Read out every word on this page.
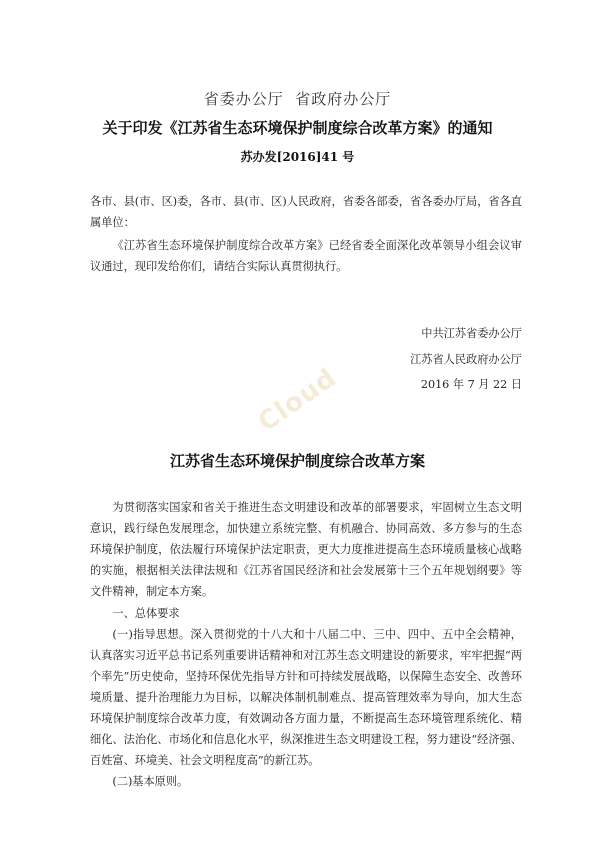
省委办公厅  省政府办公厅
关于印发《江苏省生态环境保护制度综合改革方案》的通知
苏办发[2016]41 号

各市、县(市、区)委，各市、县(市、区)人民政府，省委各部委，省各委办厅局，省各直属单位：

《江苏省生态环境保护制度综合改革方案》已经省委全面深化改革领导小组会议审议通过，现印发给你们，请结合实际认真贯彻执行。

中共江苏省委办公厅
江苏省人民政府办公厅
2016 年 7 月 22 日
Cloud
江苏省生态环境保护制度综合改革方案

为贯彻落实国家和省关于推进生态文明建设和改革的部署要求，牢固树立生态文明意识，践行绿色发展理念，加快建立系统完整、有机融合、协同高效、多方参与的生态环境保护制度，依法履行环境保护法定职责，更大力度推进提高生态环境质量核心战略的实施，根据相关法律法规和《江苏省国民经济和社会发展第十三个五年规划纲要》等文件精神，制定本方案。

一、总体要求

(一)指导思想。深入贯彻党的十八大和十八届二中、三中、四中、五中全会精神，认真落实习近平总书记系列重要讲话精神和对江苏生态文明建设的新要求，牢牢把握“两个率先”历史使命，坚持环保优先指导方针和可持续发展战略，以保障生态安全、改善环境质量、提升治理能力为目标，以解决体制机制难点、提高管理效率为导向，加大生态环境保护制度综合改革力度，有效调动各方面力量，不断提高生态环境管理系统化、精细化、法治化、市场化和信息化水平，纵深推进生态文明建设工程，努力建设“经济强、百姓富、环境美、社会文明程度高”的新江苏。

(二)基本原则。
